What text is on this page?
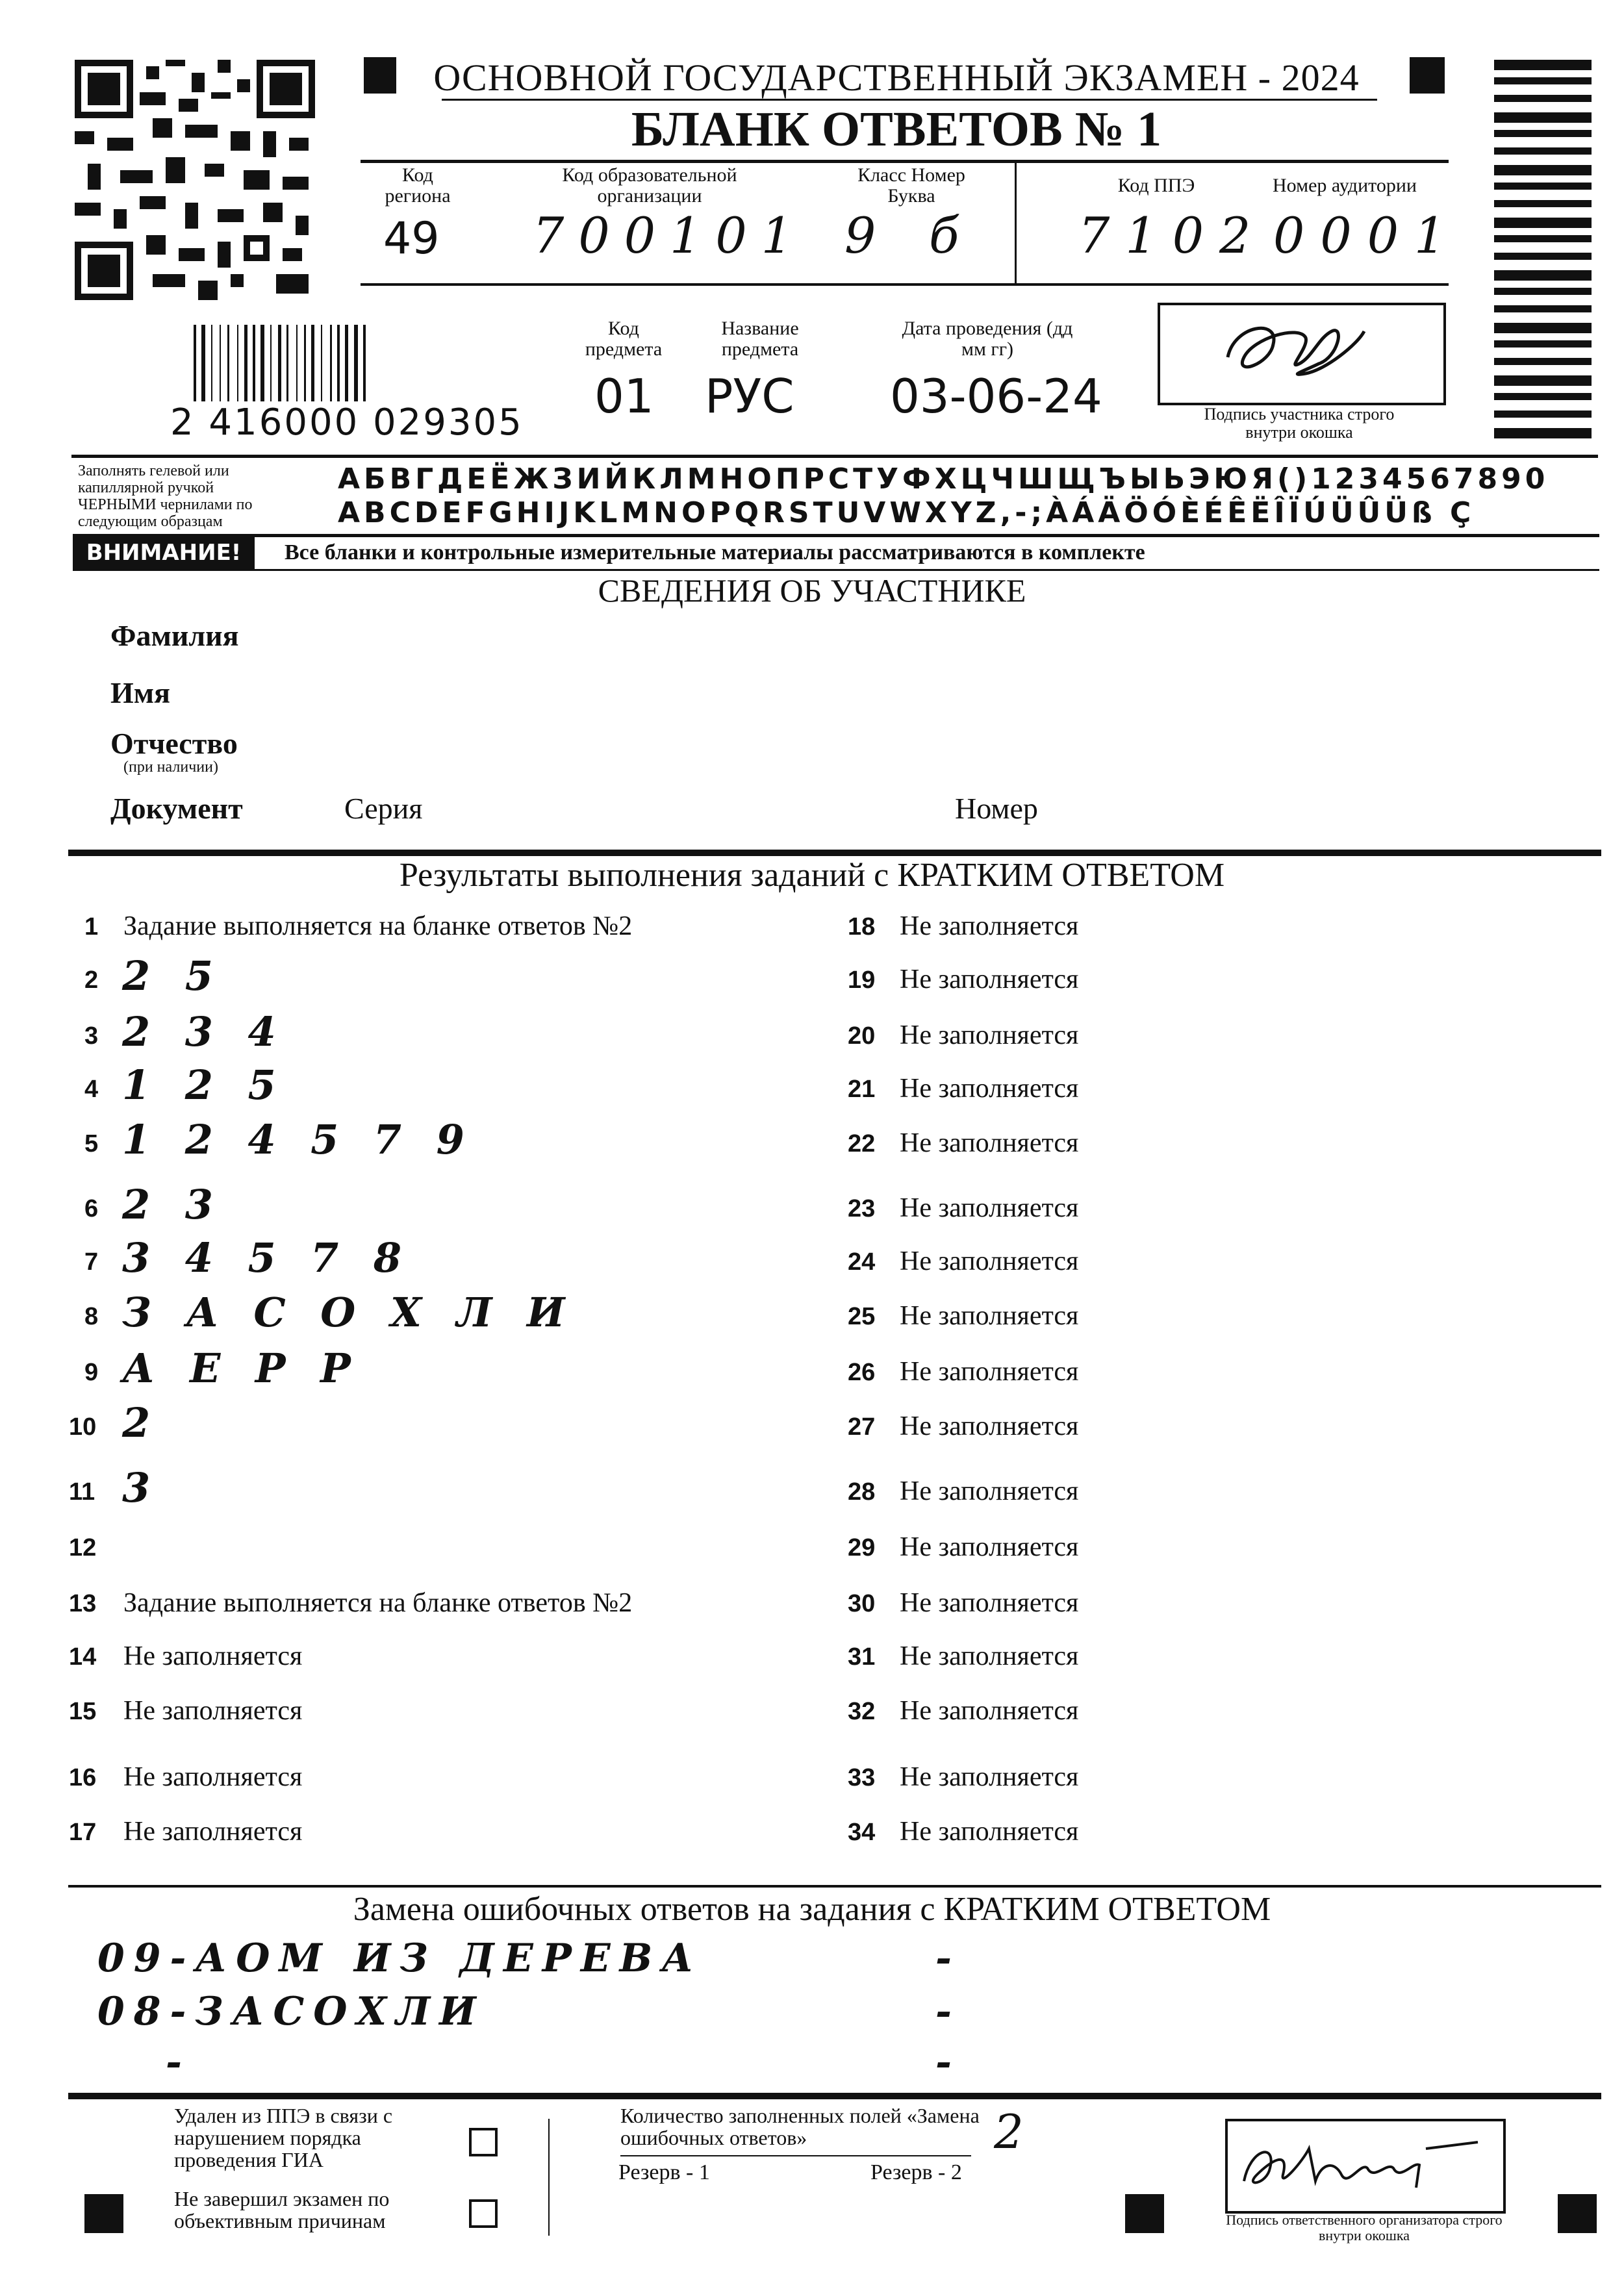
ОСНОВНОЙ ГОСУДАРСТВЕННЫЙ ЭКЗАМЕН - 2024
БЛАНК ОТВЕТОВ № 1
Код региона
49
Код образовательной организации
700101
Класс Номер Буква
9 б
Код ППЭ
7102
Номер аудитории
0001
2 416000 029305
Код предмета
01
Название предмета
РУС
Дата проведения (дд мм гг)
03-06-24	Подпись участника строго внутри окошка
Заполнять гелевой или капиллярной ручкой ЧЕРНЫМИ чернилами по следующим образцам
АБВГДЕЁЖЗИЙКЛМНОПРСТУФХЦЧШЩЪЫЬЭЮЯ()1234567890
ABCDEFGHIJKLMNOPQRSTUVWXYZ,-;ÀÁÄÖÓÈÉÊËÎÏÚÜÛÜß Ç
ВНИМАНИЕ!	Все бланки и контрольные измерительные материалы рассматриваются в комплекте
СВЕДЕНИЯ ОБ УЧАСТНИКЕ
Фамилия
Имя
Отчество
(при наличии)
Документ	Серия	Номер
Результаты выполнения заданий с КРАТКИМ ОТВЕТОМ
1 Задание выполняется на бланке ответов №2
2 2 5
3 2 3 4
4 1 2 5
5 1 2 4 5 7 9
6 2 3
7 3 4 5 7 8
8 З А С О Х Л И
9 А Е Р Р
10 2
11 3
12
13 Задание выполняется на бланке ответов №2
14 Не заполняется
15 Не заполняется
16 Не заполняется
17 Не заполняется
18 Не заполняется
19 Не заполняется
20 Не заполняется
21 Не заполняется
22 Не заполняется
23 Не заполняется
24 Не заполняется
25 Не заполняется
26 Не заполняется
27 Не заполняется
28 Не заполняется
29 Не заполняется
30 Не заполняется
31 Не заполняется
32 Не заполняется
33 Не заполняется
34 Не заполняется
Замена ошибочных ответов на задания с КРАТКИМ ОТВЕТОМ
09-АОМ ИЗ ДЕРЕВА	-
08-ЗАСОХЛИ	-
-	-
Удален из ППЭ в связи с нарушением порядка проведения ГИА
Не завершил экзамен по объективным причинам
Количество заполненных полей «Замена ошибочных ответов»	2
Резерв - 1	Резерв - 2
Подпись ответственного организатора строго внутри окошка
